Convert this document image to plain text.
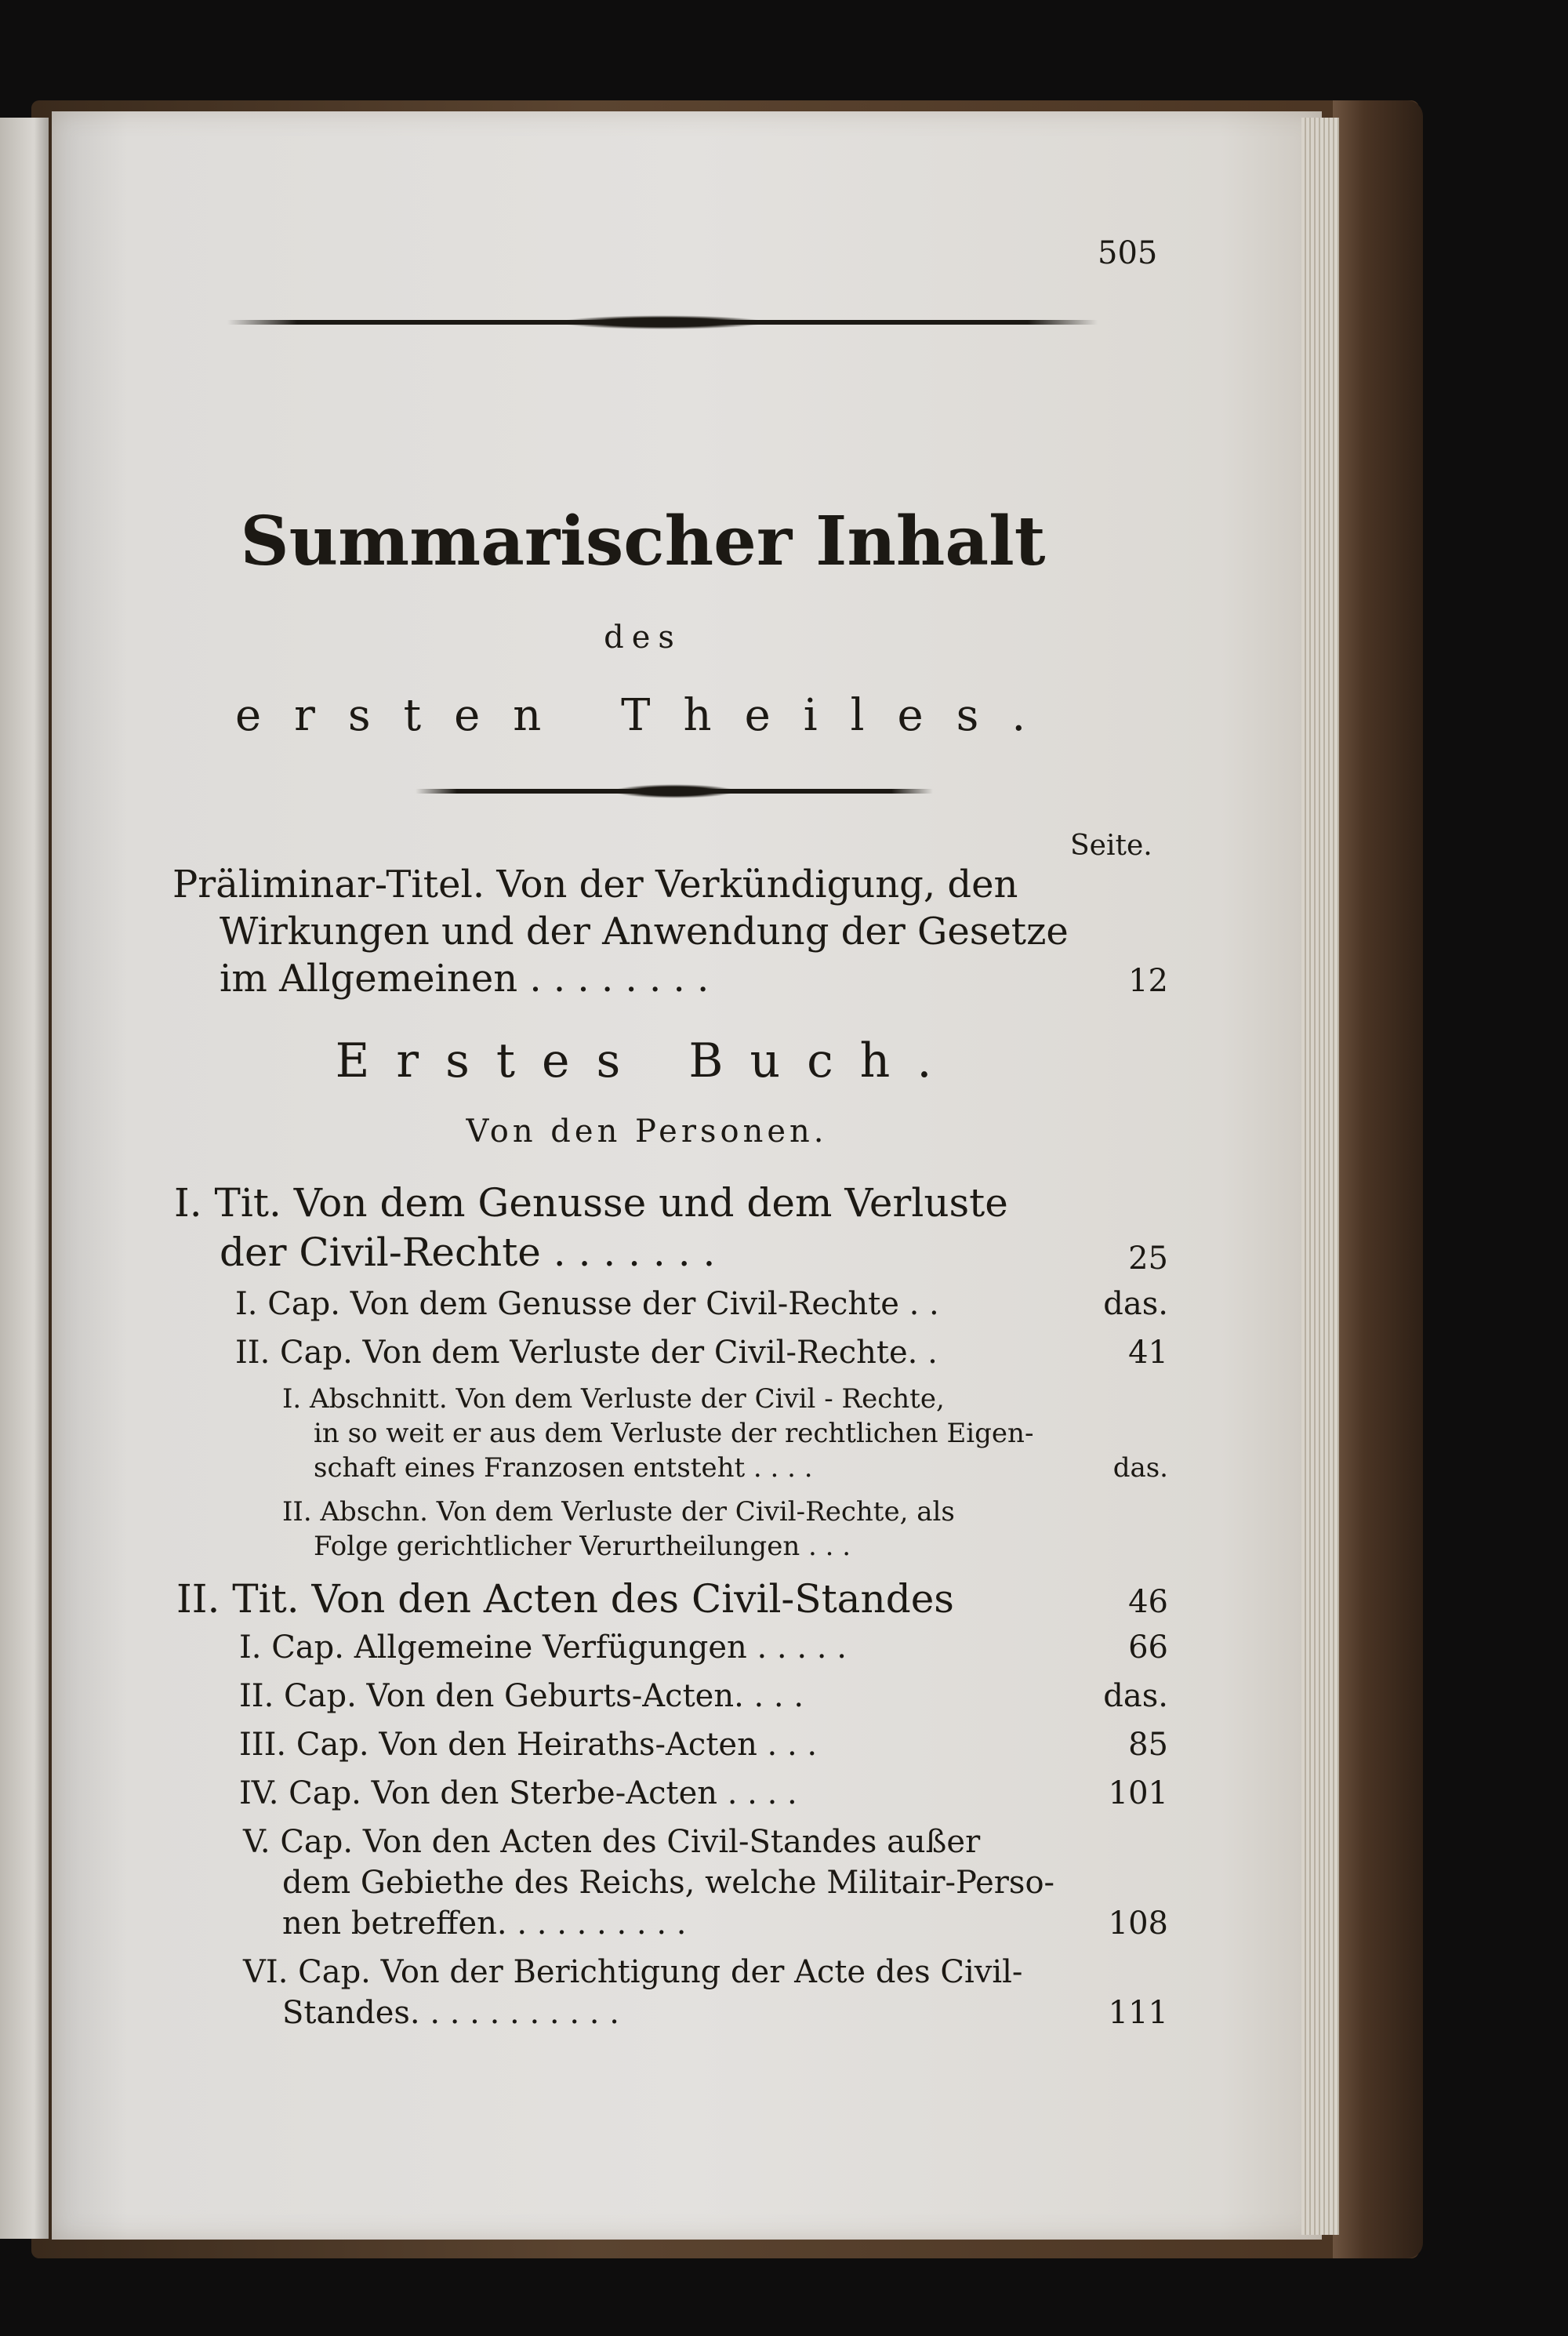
505
Summarischer Inhalt
des
ersten Theiles.
Seite.
Präliminar-Titel. Von der Verkündigung, den
Wirkungen und der Anwendung der Gesetze
im Allgemeinen . . . . . . . .	12
Erstes Buch.
Von den Personen.
I. Tit. Von dem Genusse und dem Verluste
der Civil-Rechte . . . . . . .	25
I. Cap. Von dem Genusse der Civil-Rechte . .	das.
II. Cap. Von dem Verluste der Civil-Rechte. .	41
I. Abschnitt. Von dem Verluste der Civil - Rechte,
in so weit er aus dem Verluste der rechtlichen Eigen-
schaft eines Franzosen entsteht . . . .	das.
II. Abschn. Von dem Verluste der Civil-Rechte, als
Folge gerichtlicher Verurtheilungen . . .
II. Tit. Von den Acten des Civil-Standes	46
I. Cap. Allgemeine Verfügungen . . . . .	66
II. Cap. Von den Geburts-Acten. . . .	das.
III. Cap. Von den Heiraths-Acten . . .	85
IV. Cap. Von den Sterbe-Acten . . . .	101
V. Cap. Von den Acten des Civil-Standes außer
dem Gebiethe des Reichs, welche Militair-Perso-
nen betreffen. . . . . . . . . .	108
VI. Cap. Von der Berichtigung der Acte des Civil-
Standes. . . . . . . . . . .	111
